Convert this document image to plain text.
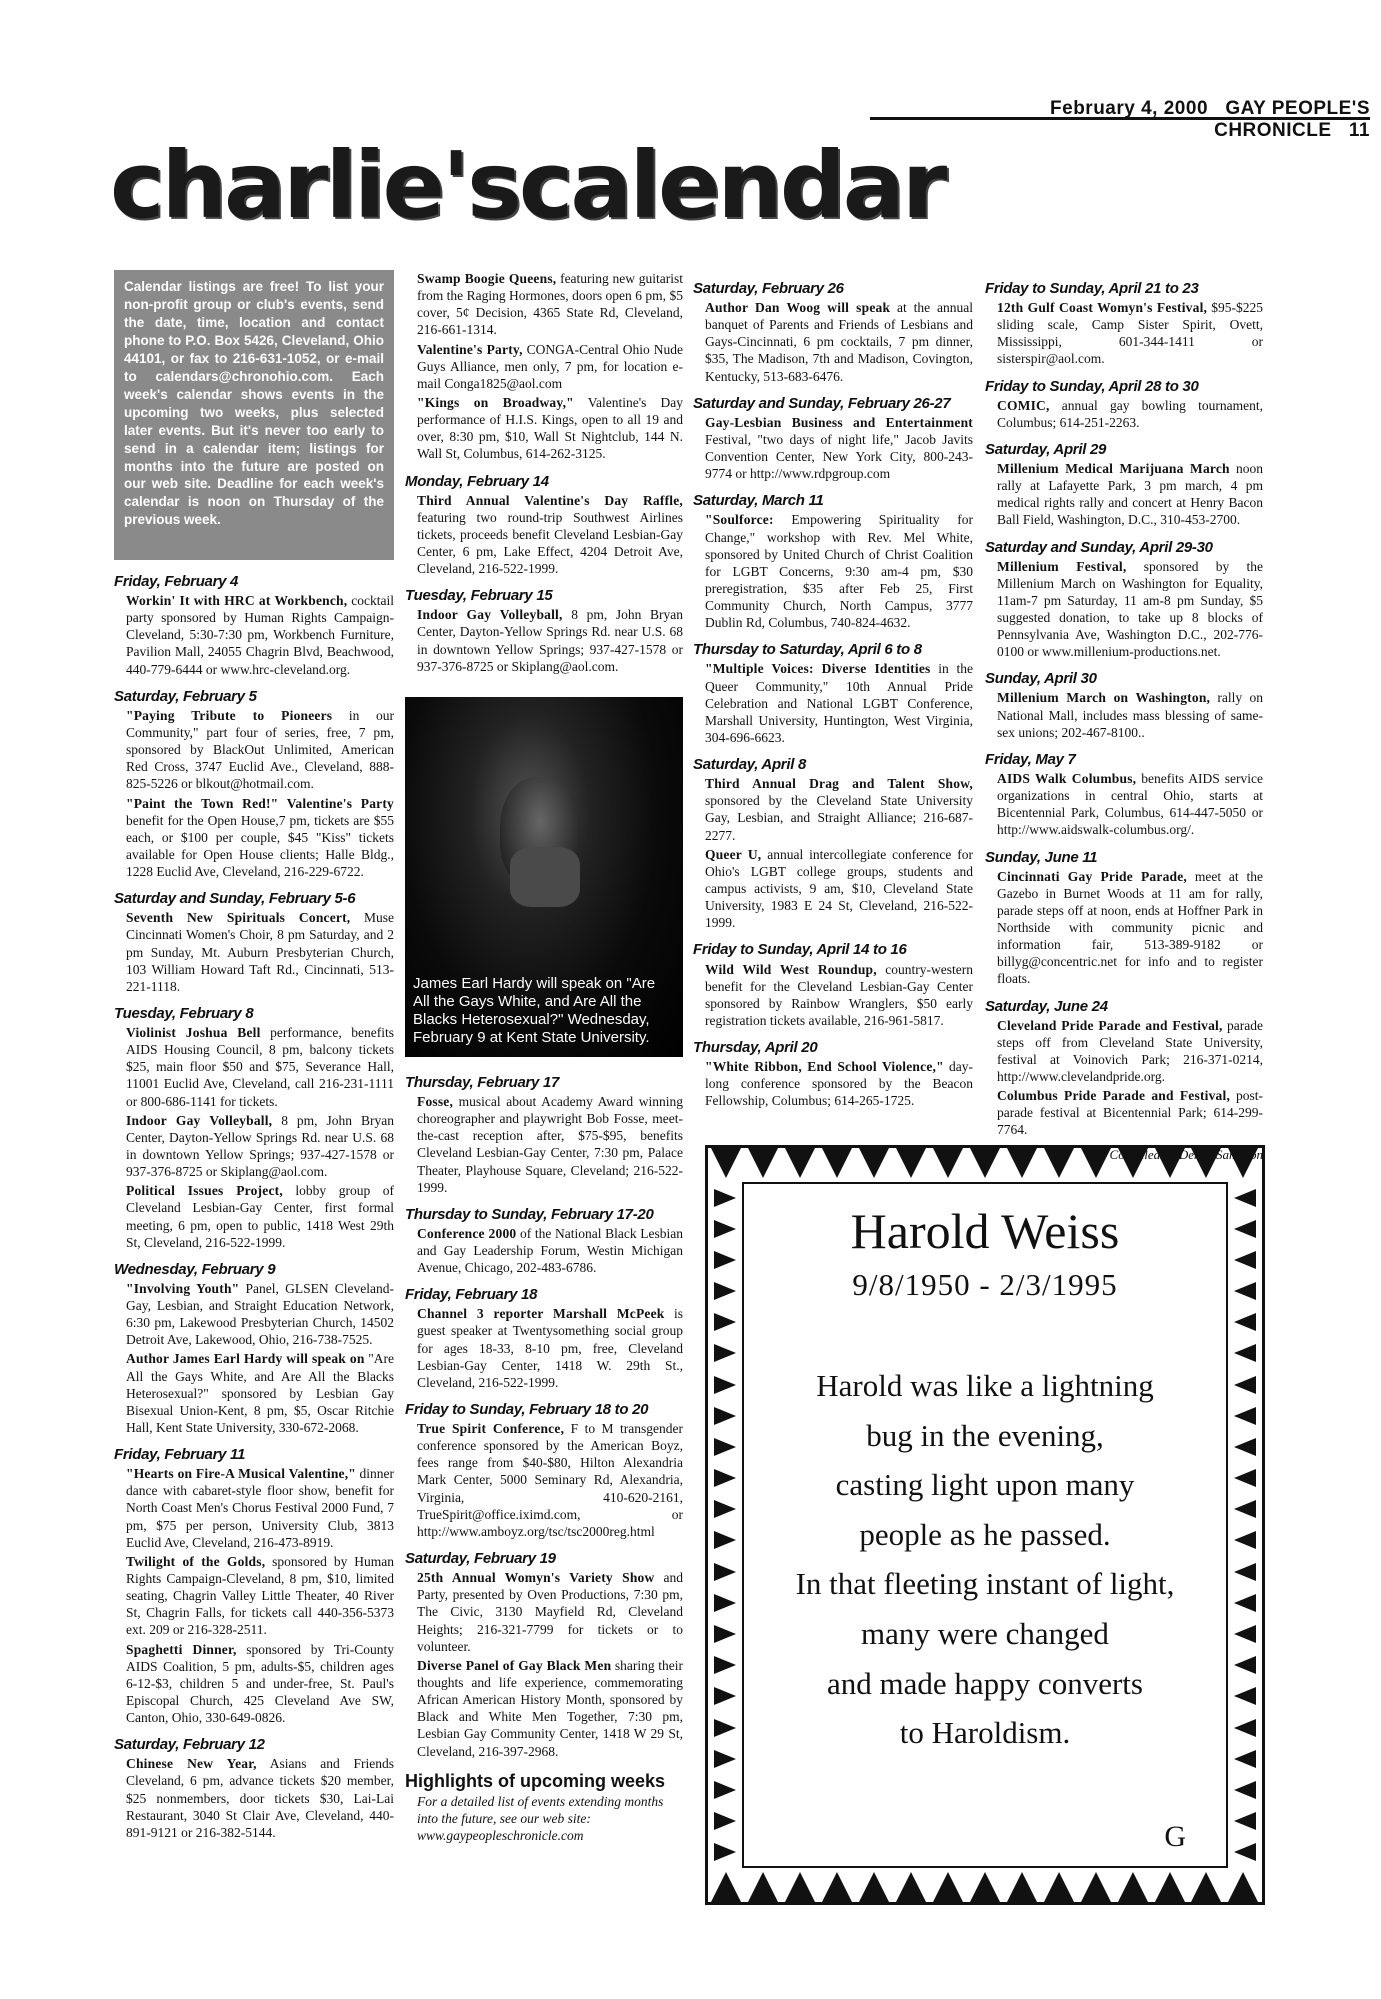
February 4, 2000 GAY PEOPLE'S CHRONICLE 11
charlie'scalendar
Calendar listings are free! To list your non-profit group or club's events, send the date, time, location and contact phone to P.O. Box 5426, Cleveland, Ohio 44101, or fax to 216-631-1052, or e-mail to calendars@chronohio.com. Each week's calendar shows events in the upcoming two weeks, plus selected later events. But it's never too early to send in a calendar item; listings for months into the future are posted on our web site. Deadline for each week's calendar is noon on Thursday of the previous week.
Friday, February 4
Workin' It with HRC at Workbench, cocktail party sponsored by Human Rights Campaign-Cleveland, 5:30-7:30 pm, Workbench Furniture, Pavilion Mall, 24055 Chagrin Blvd, Beachwood, 440-779-6444 or www.hrc-cleveland.org.
Saturday, February 5
"Paying Tribute to Pioneers in our Community," part four of series, free, 7 pm, sponsored by BlackOut Unlimited, American Red Cross, 3747 Euclid Ave., Cleveland, 888-825-5226 or blkout@hotmail.com.
"Paint the Town Red!" Valentine's Party benefit for the Open House,7 pm, tickets are $55 each, or $100 per couple, $45 "Kiss" tickets available for Open House clients; Halle Bldg., 1228 Euclid Ave, Cleveland, 216-229-6722.
Saturday and Sunday, February 5-6
Seventh New Spirituals Concert, Muse Cincinnati Women's Choir, 8 pm Saturday, and 2 pm Sunday, Mt. Auburn Presbyterian Church, 103 William Howard Taft Rd., Cincinnati, 513-221-1118.
Tuesday, February 8
Violinist Joshua Bell performance, benefits AIDS Housing Council, 8 pm, balcony tickets $25, main floor $50 and $75, Severance Hall, 11001 Euclid Ave, Cleveland, call 216-231-1111 or 800-686-1141 for tickets.
Indoor Gay Volleyball, 8 pm, John Bryan Center, Dayton-Yellow Springs Rd. near U.S. 68 in downtown Yellow Springs; 937-427-1578 or 937-376-8725 or Skiplang@aol.com.
Political Issues Project, lobby group of Cleveland Lesbian-Gay Center, first formal meeting, 6 pm, open to public, 1418 West 29th St, Cleveland, 216-522-1999.
Wednesday, February 9
"Involving Youth" Panel, GLSEN Cleveland-Gay, Lesbian, and Straight Education Network, 6:30 pm, Lakewood Presbyterian Church, 14502 Detroit Ave, Lakewood, Ohio, 216-738-7525.
Author James Earl Hardy will speak on "Are All the Gays White, and Are All the Blacks Heterosexual?" sponsored by Lesbian Gay Bisexual Union-Kent, 8 pm, $5, Oscar Ritchie Hall, Kent State University, 330-672-2068.
Friday, February 11
"Hearts on Fire-A Musical Valentine," dinner dance with cabaret-style floor show, benefit for North Coast Men's Chorus Festival 2000 Fund, 7 pm, $75 per person, University Club, 3813 Euclid Ave, Cleveland, 216-473-8919.
Twilight of the Golds, sponsored by Human Rights Campaign-Cleveland, 8 pm, $10, limited seating, Chagrin Valley Little Theater, 40 River St, Chagrin Falls, for tickets call 440-356-5373 ext. 209 or 216-328-2511.
Spaghetti Dinner, sponsored by Tri-County AIDS Coalition, 5 pm, adults-$5, children ages 6-12-$3, children 5 and under-free, St. Paul's Episcopal Church, 425 Cleveland Ave SW, Canton, Ohio, 330-649-0826.
Saturday, February 12
Chinese New Year, Asians and Friends Cleveland, 6 pm, advance tickets $20 member, $25 nonmembers, door tickets $30, Lai-Lai Restaurant, 3040 St Clair Ave, Cleveland, 440-891-9121 or 216-382-5144.
Swamp Boogie Queens, featuring new guitarist from the Raging Hormones, doors open 6 pm, $5 cover, 5¢ Decision, 4365 State Rd, Cleveland, 216-661-1314.
Valentine's Party, CONGA-Central Ohio Nude Guys Alliance, men only, 7 pm, for location e-mail Conga1825@aol.com
"Kings on Broadway," Valentine's Day performance of H.I.S. Kings, open to all 19 and over, 8:30 pm, $10, Wall St Nightclub, 144 N. Wall St, Columbus, 614-262-3125.
Monday, February 14
Third Annual Valentine's Day Raffle, featuring two round-trip Southwest Airlines tickets, proceeds benefit Cleveland Lesbian-Gay Center, 6 pm, Lake Effect, 4204 Detroit Ave, Cleveland, 216-522-1999.
Tuesday, February 15
Indoor Gay Volleyball, 8 pm, John Bryan Center, Dayton-Yellow Springs Rd. near U.S. 68 in downtown Yellow Springs; 937-427-1578 or 937-376-8725 or Skiplang@aol.com.
James Earl Hardy will speak on "Are All the Gays White, and Are All the Blacks Heterosexual?" Wednesday, February 9 at Kent State University.
Thursday, February 17
Fosse, musical about Academy Award winning choreographer and playwright Bob Fosse, meet-the-cast reception after, $75-$95, benefits Cleveland Lesbian-Gay Center, 7:30 pm, Palace Theater, Playhouse Square, Cleveland; 216-522-1999.
Thursday to Sunday, February 17-20
Conference 2000 of the National Black Lesbian and Gay Leadership Forum, Westin Michigan Avenue, Chicago, 202-483-6786.
Friday, February 18
Channel 3 reporter Marshall McPeek is guest speaker at Twentysomething social group for ages 18-33, 8-10 pm, free, Cleveland Lesbian-Gay Center, 1418 W. 29th St., Cleveland, 216-522-1999.
Friday to Sunday, February 18 to 20
True Spirit Conference, F to M transgender conference sponsored by the American Boyz, fees range from $40-$80, Hilton Alexandria Mark Center, 5000 Seminary Rd, Alexandria, Virginia, 410-620-2161, TrueSpirit@office.iximd.com, or http://www.amboyz.org/tsc/tsc2000reg.html
Saturday, February 19
25th Annual Womyn's Variety Show and Party, presented by Oven Productions, 7:30 pm, The Civic, 3130 Mayfield Rd, Cleveland Heights; 216-321-7799 for tickets or to volunteer.
Diverse Panel of Gay Black Men sharing their thoughts and life experience, commemorating African American History Month, sponsored by Black and White Men Together, 7:30 pm, Lesbian Gay Community Center, 1418 W 29 St, Cleveland, 216-397-2968.
Highlights of upcoming weeks
For a detailed list of events extending months into the future, see our web site: www.gaypeopleschronicle.com
Saturday, February 26
Author Dan Woog will speak at the annual banquet of Parents and Friends of Lesbians and Gays-Cincinnati, 6 pm cocktails, 7 pm dinner, $35, The Madison, 7th and Madison, Covington, Kentucky, 513-683-6476.
Saturday and Sunday, February 26-27
Gay-Lesbian Business and Entertainment Festival, "two days of night life," Jacob Javits Convention Center, New York City, 800-243-9774 or http://www.rdpgroup.com
Saturday, March 11
"Soulforce: Empowering Spirituality for Change," workshop with Rev. Mel White, sponsored by United Church of Christ Coalition for LGBT Concerns, 9:30 am-4 pm, $30 preregistration, $35 after Feb 25, First Community Church, North Campus, 3777 Dublin Rd, Columbus, 740-824-4632.
Thursday to Saturday, April 6 to 8
"Multiple Voices: Diverse Identities in the Queer Community," 10th Annual Pride Celebration and National LGBT Conference, Marshall University, Huntington, West Virginia, 304-696-6623.
Saturday, April 8
Third Annual Drag and Talent Show, sponsored by the Cleveland State University Gay, Lesbian, and Straight Alliance; 216-687-2277.
Queer U, annual intercollegiate conference for Ohio's LGBT college groups, students and campus activists, 9 am, $10, Cleveland State University, 1983 E 24 St, Cleveland, 216-522-1999.
Friday to Sunday, April 14 to 16
Wild Wild West Roundup, country-western benefit for the Cleveland Lesbian-Gay Center sponsored by Rainbow Wranglers, $50 early registration tickets available, 216-961-5817.
Thursday, April 20
"White Ribbon, End School Violence," day-long conference sponsored by the Beacon Fellowship, Columbus; 614-265-1725.
Friday to Sunday, April 21 to 23
12th Gulf Coast Womyn's Festival, $95-$225 sliding scale, Camp Sister Spirit, Ovett, Mississippi, 601-344-1411 or sisterspir@aol.com.
Friday to Sunday, April 28 to 30
COMIC, annual gay bowling tournament, Columbus; 614-251-2263.
Saturday, April 29
Millenium Medical Marijuana March noon rally at Lafayette Park, 3 pm march, 4 pm medical rights rally and concert at Henry Bacon Ball Field, Washington, D.C., 310-453-2700.
Saturday and Sunday, April 29-30
Millenium Festival, sponsored by the Millenium March on Washington for Equality, 11am-7 pm Saturday, 11 am-8 pm Sunday, $5 suggested donation, to take up 8 blocks of Pennsylvania Ave, Washington D.C., 202-776-0100 or www.millenium-productions.net.
Sunday, April 30
Millenium March on Washington, rally on National Mall, includes mass blessing of same-sex unions; 202-467-8100..
Friday, May 7
AIDS Walk Columbus, benefits AIDS service organizations in central Ohio, starts at Bicentennial Park, Columbus, 614-447-5050 or http://www.aidswalk-columbus.org/.
Sunday, June 11
Cincinnati Gay Pride Parade, meet at the Gazebo in Burnet Woods at 11 am for rally, parade steps off at noon, ends at Hoffner Park in Northside with community picnic and information fair, 513-389-9182 or billyg@concentric.net for info and to register floats.
Saturday, June 24
Cleveland Pride Parade and Festival, parade steps off from Cleveland State University, festival at Voinovich Park; 216-371-0214, http://www.clevelandpride.org.
Columbus Pride Parade and Festival, post-parade festival at Bicentennial Park; 614-299-7764.
Compiled by Denny Sampson
Harold Weiss
9/8/1950 - 2/3/1995
Harold was like a lightning
bug in the evening,
casting light upon many
people as he passed.
In that fleeting instant of light,
many were changed
and made happy converts
to Haroldism.
G
